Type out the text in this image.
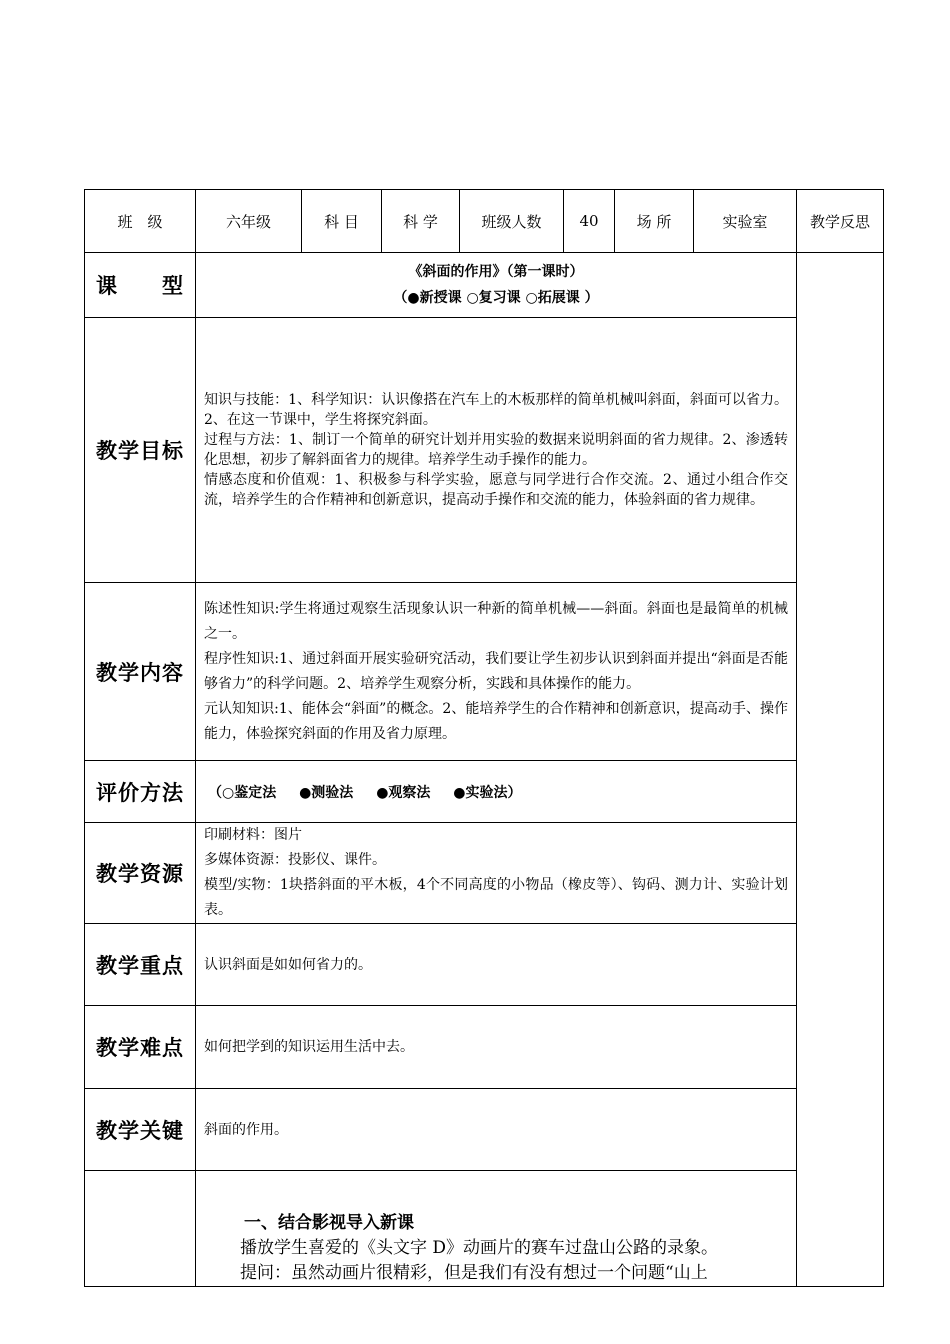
班　级	六年级	科 目	科 学	班级人数	40	场 所	实验室	教学反思
课　　型	《斜面的作用》（第一课时）
（●新授课 ○复习课 ○拓展课 ）							

教学目标	知识与技能：1、科学知识：认识像搭在汽车上的木板那样的简单机械叫斜面，斜面可以省力。2、在这一节课中，学生将探究斜面。

过程与方法：1、制订一个简单的研究计划并用实验的数据来说明斜面的省力规律。2、渗透转化思想，初步了解斜面省力的规律。培养学生动手操作的能力。

情感态度和价值观：1、积极参与科学实验，愿意与同学进行合作交流。2、通过小组合作交流，培养学生的合作精神和创新意识，提高动手操作和交流的能力，体验斜面的省力规律。							

教学内容	陈述性知识:学生将通过观察生活现象认识一种新的简单机械——斜面。斜面也是最简单的机械之一。

程序性知识:1、通过斜面开展实验研究活动，我们要让学生初步认识到斜面并提出“斜面是否能够省力”的科学问题。2、培养学生观察分析，实践和具体操作的能力。

元认知知识:1、能体会“斜面”的概念。2、能培养学生的合作精神和创新意识，提高动手、操作能力，体验探究斜面的作用及省力原理。							

评价方法	（○鉴定法 ●测验法 ●观察法 ●实验法）							
教学资源	印刷材料：图片

多媒体资源：投影仪、课件。

模型/实物：1块搭斜面的平木板，4个不同高度的小物品（橡皮等）、钩码、测力计、实验计划表。							

教学重点	认识斜面是如如何省力的。							
教学难点	如何把学到的知识运用生活中去。							
教学关键	斜面的作用。							

	一、结合影视导入新课
播放学生喜爱的《头文字 D》动画片的赛车过盘山公路的录象。
提问：虽然动画片很精彩，但是我们有没有想过一个问题“山上							
